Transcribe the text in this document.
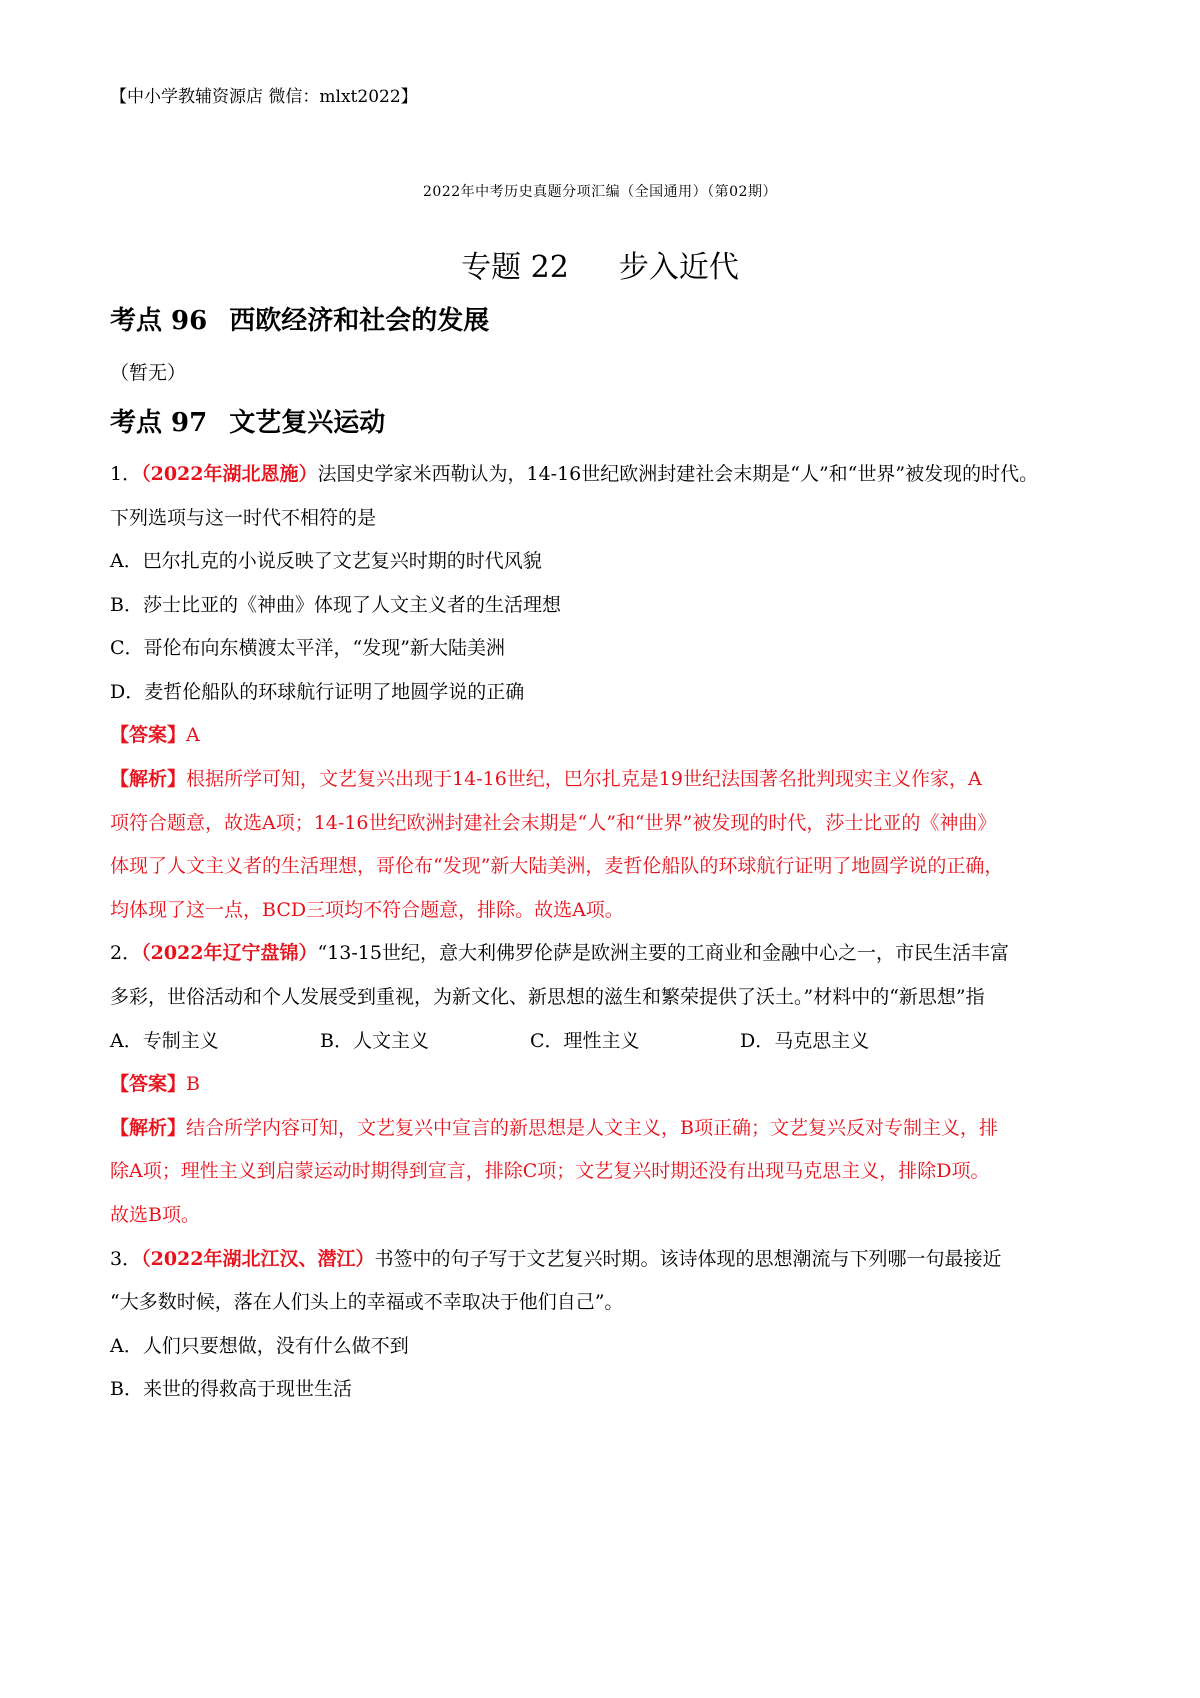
【中小学教辅资源店 微信：mlxt2022】
2022年中考历史真题分项汇编（全国通用）（第02期）
专题 22 步入近代
考点 96 西欧经济和社会的发展
（暂无）
考点 97 文艺复兴运动
1．（2022年湖北恩施）法国史学家米西勒认为，14-16世纪欧洲封建社会末期是“人”和“世界”被发现的时代。
下列选项与这一时代不相符的是
A．巴尔扎克的小说反映了文艺复兴时期的时代风貌
B．莎士比亚的《神曲》体现了人文主义者的生活理想
C．哥伦布向东横渡太平洋，“发现”新大陆美洲
D．麦哲伦船队的环球航行证明了地圆学说的正确
【答案】A
【解析】根据所学可知，文艺复兴出现于14-16世纪，巴尔扎克是19世纪法国著名批判现实主义作家，A
项符合题意，故选A项；14-16世纪欧洲封建社会末期是“人”和“世界”被发现的时代，莎士比亚的《神曲》
体现了人文主义者的生活理想，哥伦布“发现”新大陆美洲，麦哲伦船队的环球航行证明了地圆学说的正确，
均体现了这一点，BCD三项均不符合题意，排除。故选A项。
2．（2022年辽宁盘锦）“13-15世纪，意大利佛罗伦萨是欧洲主要的工商业和金融中心之一，市民生活丰富
多彩，世俗活动和个人发展受到重视，为新文化、新思想的滋生和繁荣提供了沃土。”材料中的“新思想”指
A．专制主义	B．人文主义	C．理性主义	D．马克思主义
【答案】B
【解析】结合所学内容可知，文艺复兴中宣言的新思想是人文主义，B项正确；文艺复兴反对专制主义，排
除A项；理性主义到启蒙运动时期得到宣言，排除C项；文艺复兴时期还没有出现马克思主义，排除D项。
故选B项。
3．（2022年湖北江汉、潜江）书签中的句子写于文艺复兴时期。该诗体现的思想潮流与下列哪一句最接近
“大多数时候，落在人们头上的幸福或不幸取决于他们自己”。
A．人们只要想做，没有什么做不到
B．来世的得救高于现世生活
